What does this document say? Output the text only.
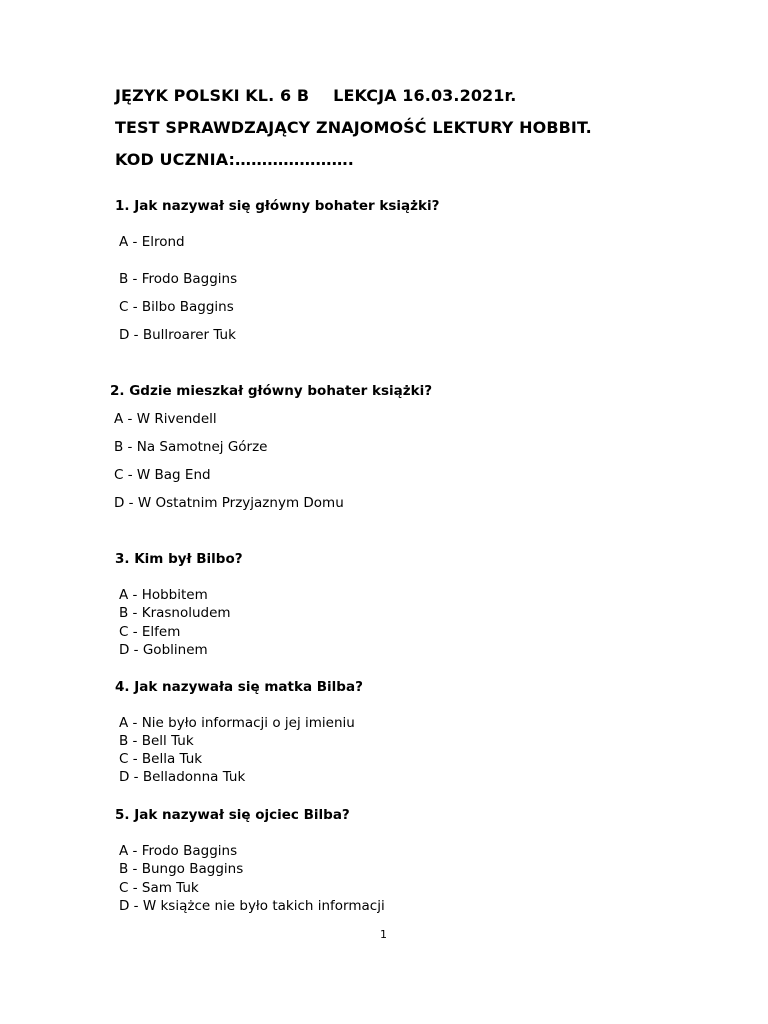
JĘZYK POLSKI KL. 6 B LEKCJA 16.03.2021r.
TEST SPRAWDZAJĄCY ZNAJOMOŚĆ LEKTURY HOBBIT.
KOD UCZNIA:………………….
1. Jak nazywał się główny bohater książki?
A - Elrond
B - Frodo Baggins
C - Bilbo Baggins
D - Bullroarer Tuk
2. Gdzie mieszkał główny bohater książki?
A - W Rivendell
B - Na Samotnej Górze
C - W Bag End
D - W Ostatnim Przyjaznym Domu
3. Kim był Bilbo?
A - Hobbitem
B - Krasnoludem
C - Elfem
D - Goblinem
4. Jak nazywała się matka Bilba?
A - Nie było informacji o jej imieniu
B - Bell Tuk
C - Bella Tuk
D - Belladonna Tuk
5. Jak nazywał się ojciec Bilba?
A - Frodo Baggins
B - Bungo Baggins
C - Sam Tuk
D - W książce nie było takich informacji
1
